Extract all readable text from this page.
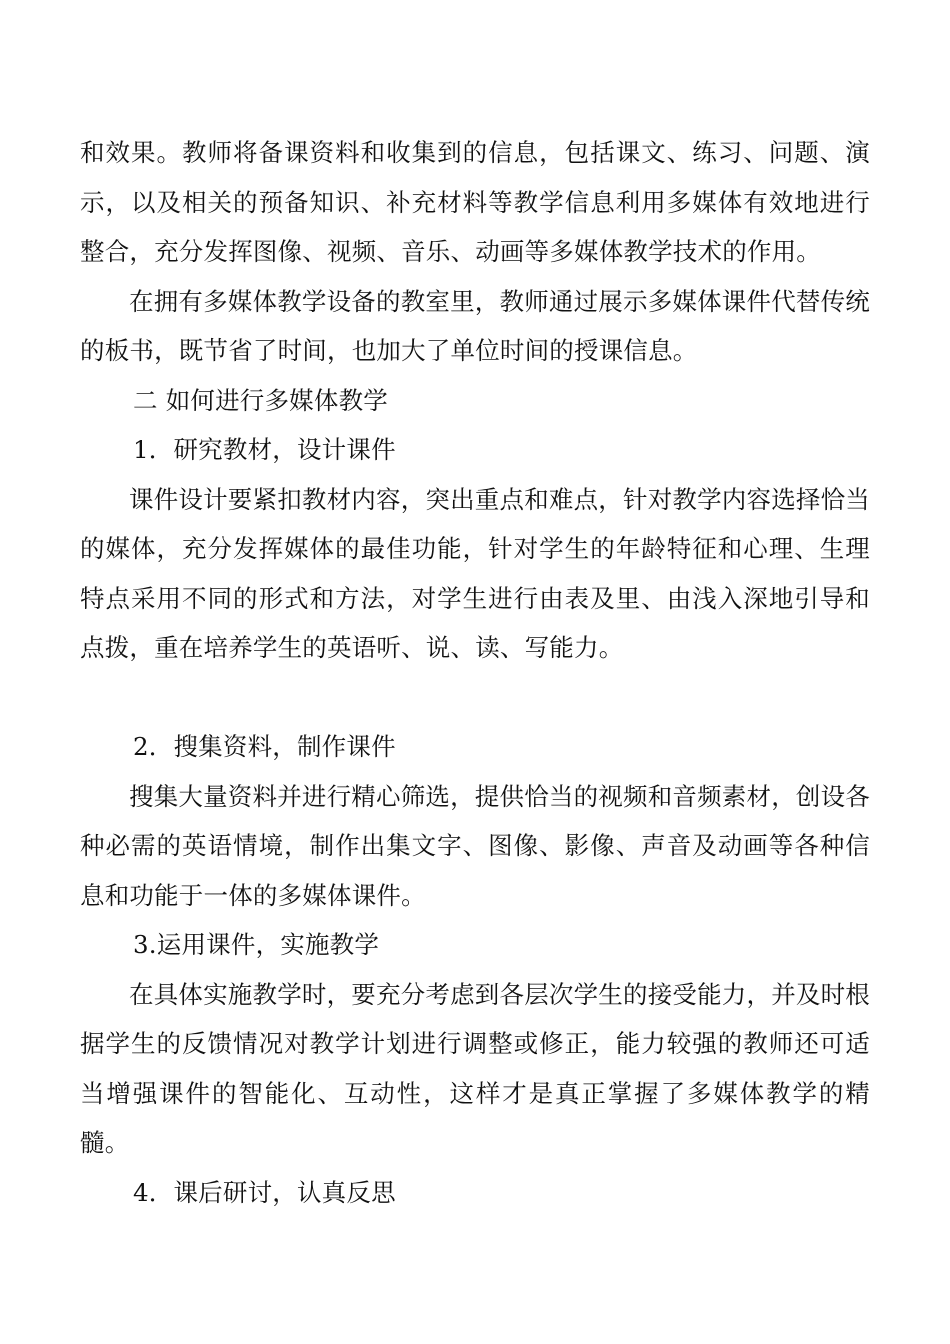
和效果。教师将备课资料和收集到的信息，包括课文、练习、问题、演示，以及相关的预备知识、补充材料等教学信息利用多媒体有效地进行整合，充分发挥图像、视频、音乐、动画等多媒体教学技术的作用。

在拥有多媒体教学设备的教室里，教师通过展示多媒体课件代替传统的板书，既节省了时间，也加大了单位时间的授课信息。

二 如何进行多媒体教学

1．研究教材，设计课件

课件设计要紧扣教材内容，突出重点和难点，针对教学内容选择恰当的媒体，充分发挥媒体的最佳功能，针对学生的年龄特征和心理、生理特点采用不同的形式和方法，对学生进行由表及里、由浅入深地引导和点拨，重在培养学生的英语听、说、读、写能力。

2．搜集资料，制作课件

搜集大量资料并进行精心筛选，提供恰当的视频和音频素材，创设各种必需的英语情境，制作出集文字、图像、影像、声音及动画等各种信息和功能于一体的多媒体课件。

3.运用课件，实施教学

在具体实施教学时，要充分考虑到各层次学生的接受能力，并及时根据学生的反馈情况对教学计划进行调整或修正，能力较强的教师还可适当增强课件的智能化、互动性，这样才是真正掌握了多媒体教学的精髓。

4．课后研讨，认真反思
